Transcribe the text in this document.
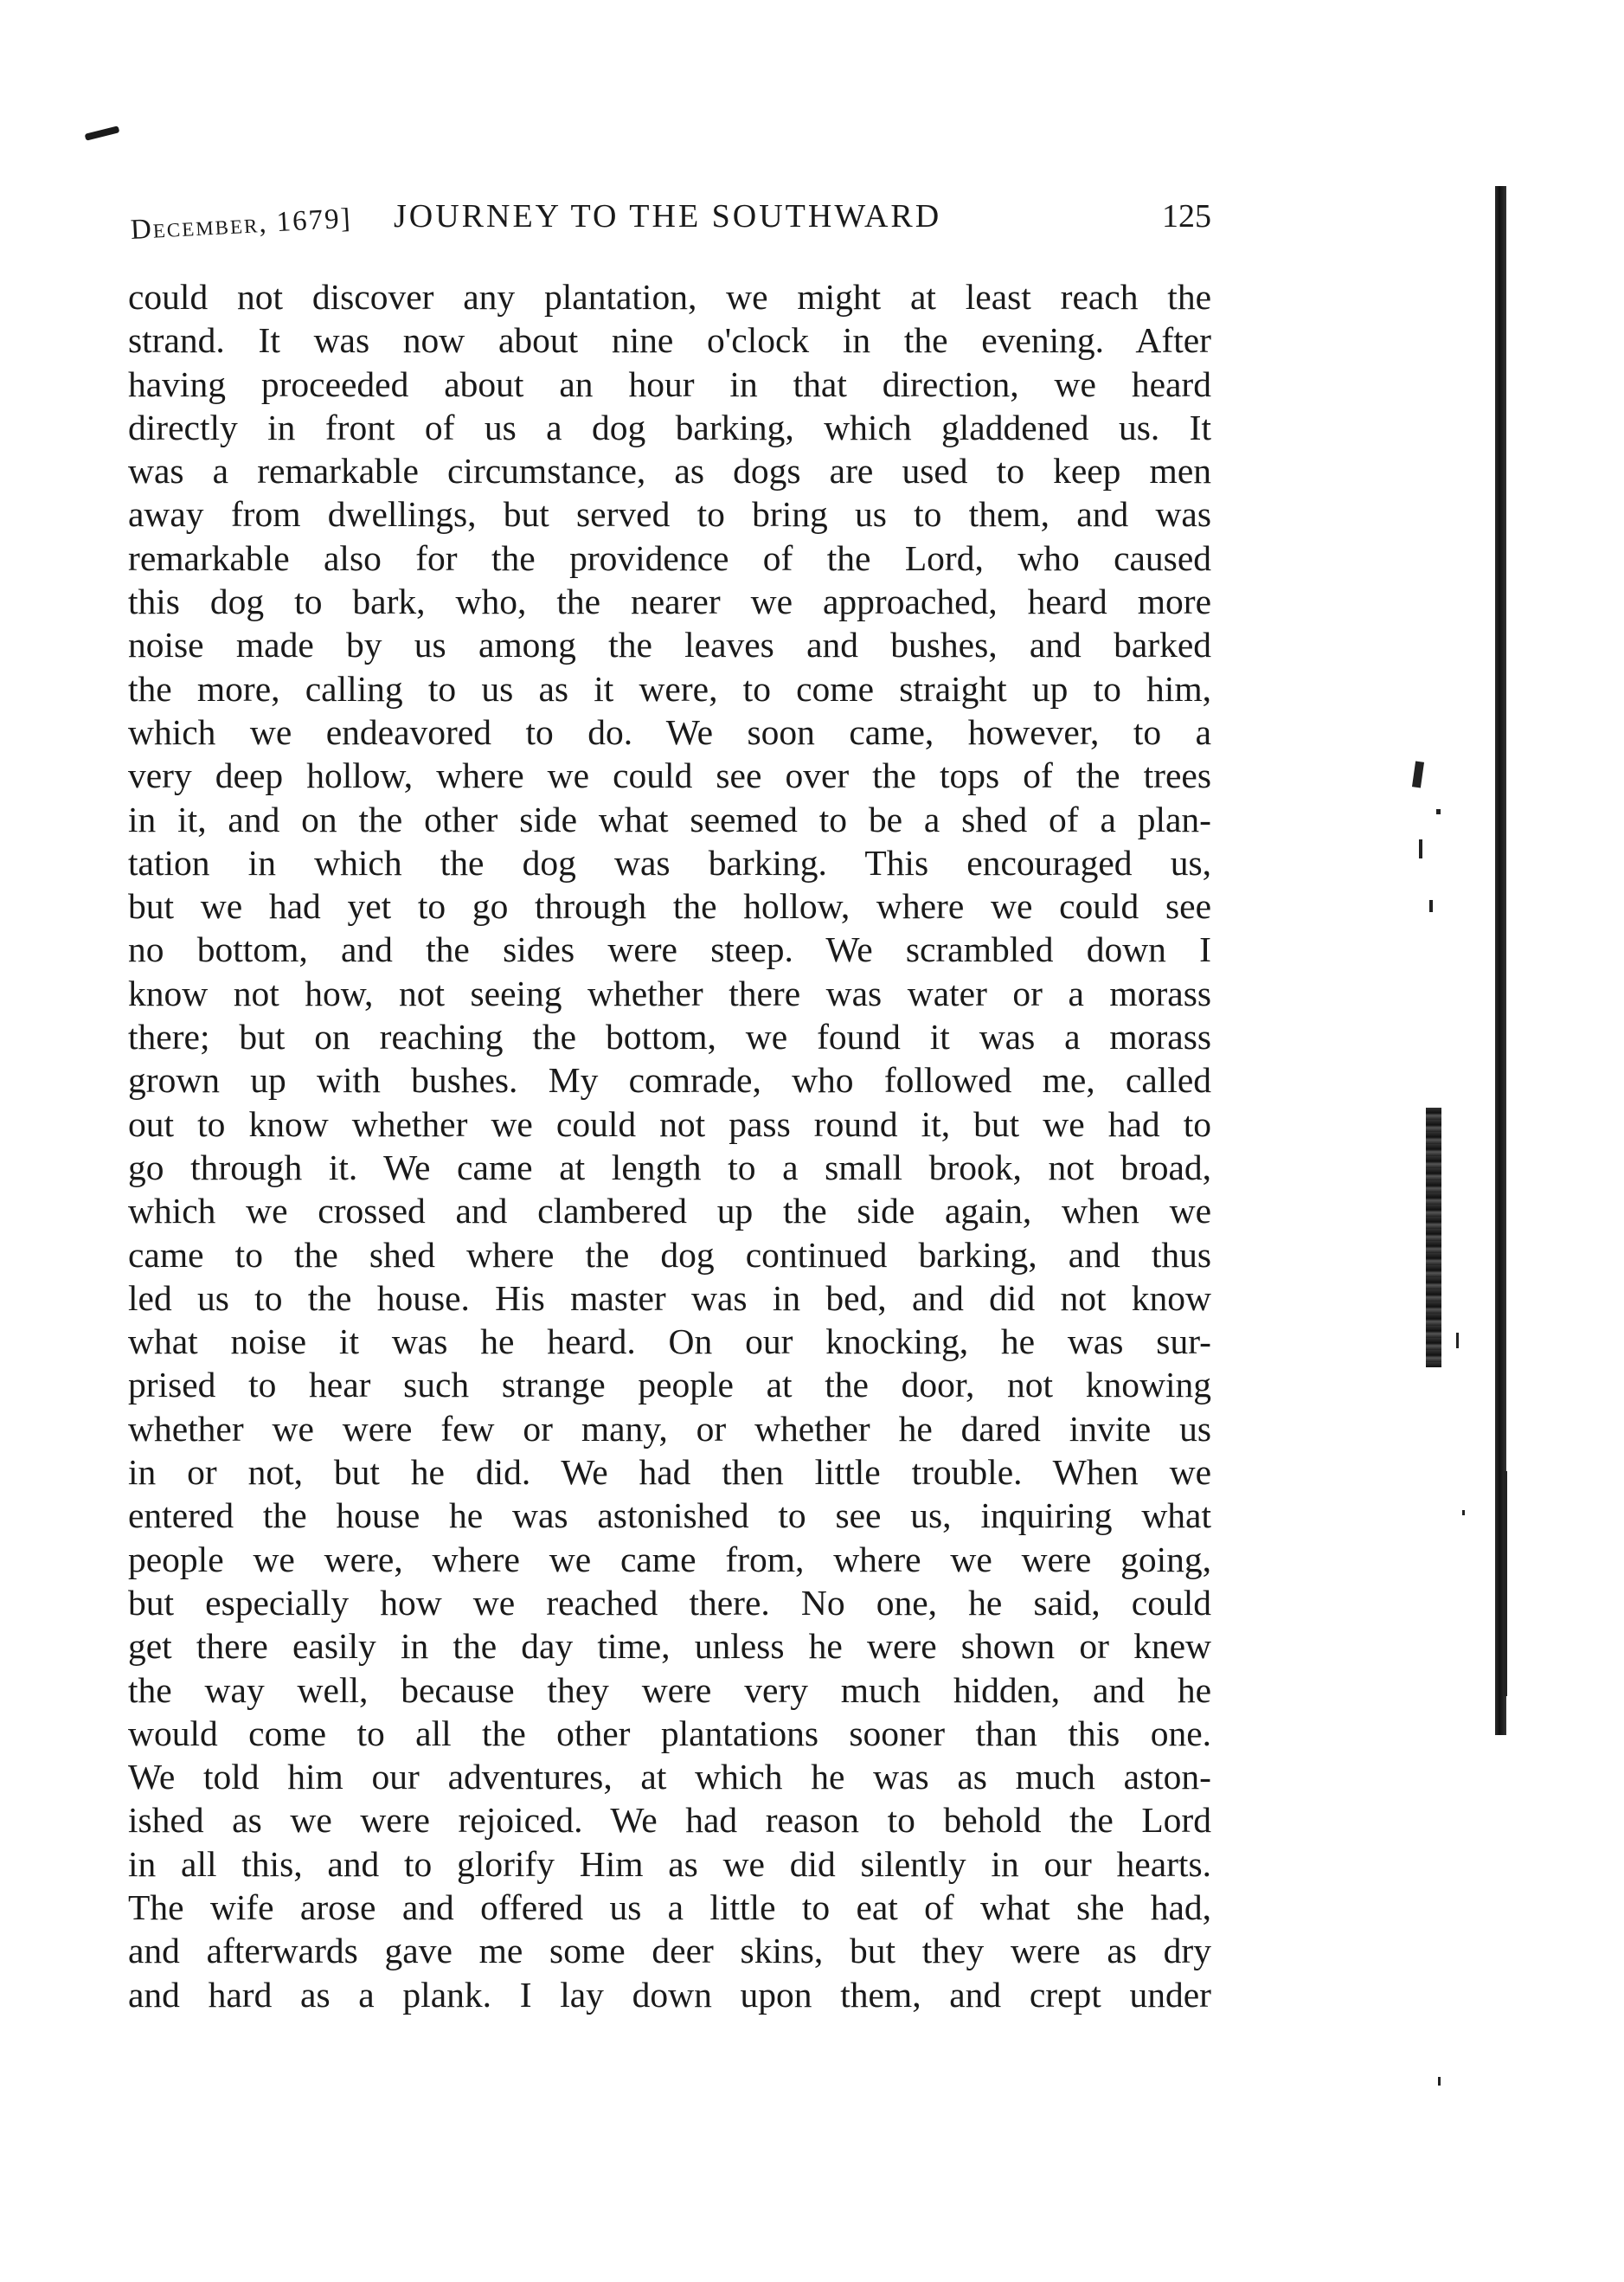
December, 1679] JOURNEY TO THE SOUTHWARD	125
could not discover any plantation, we might at least reach the
strand. It was now about nine o'clock in the evening. After
having proceeded about an hour in that direction, we heard
directly in front of us a dog barking, which gladdened us. It
was a remarkable circumstance, as dogs are used to keep men
away from dwellings, but served to bring us to them, and was
remarkable also for the providence of the Lord, who caused
this dog to bark, who, the nearer we approached, heard more
noise made by us among the leaves and bushes, and barked
the more, calling to us as it were, to come straight up to him,
which we endeavored to do. We soon came, however, to a
very deep hollow, where we could see over the tops of the trees
in it, and on the other side what seemed to be a shed of a plan-
tation in which the dog was barking. This encouraged us,
but we had yet to go through the hollow, where we could see
no bottom, and the sides were steep. We scrambled down I
know not how, not seeing whether there was water or a morass
there; but on reaching the bottom, we found it was a morass
grown up with bushes. My comrade, who followed me, called
out to know whether we could not pass round it, but we had to
go through it. We came at length to a small brook, not broad,
which we crossed and clambered up the side again, when we
came to the shed where the dog continued barking, and thus
led us to the house. His master was in bed, and did not know
what noise it was he heard. On our knocking, he was sur-
prised to hear such strange people at the door, not knowing
whether we were few or many, or whether he dared invite us
in or not, but he did. We had then little trouble. When we
entered the house he was astonished to see us, inquiring what
people we were, where we came from, where we were going,
but especially how we reached there. No one, he said, could
get there easily in the day time, unless he were shown or knew
the way well, because they were very much hidden, and he
would come to all the other plantations sooner than this one.
We told him our adventures, at which he was as much aston-
ished as we were rejoiced. We had reason to behold the Lord
in all this, and to glorify Him as we did silently in our hearts.
The wife arose and offered us a little to eat of what she had,
and afterwards gave me some deer skins, but they were as dry
and hard as a plank. I lay down upon them, and crept under
